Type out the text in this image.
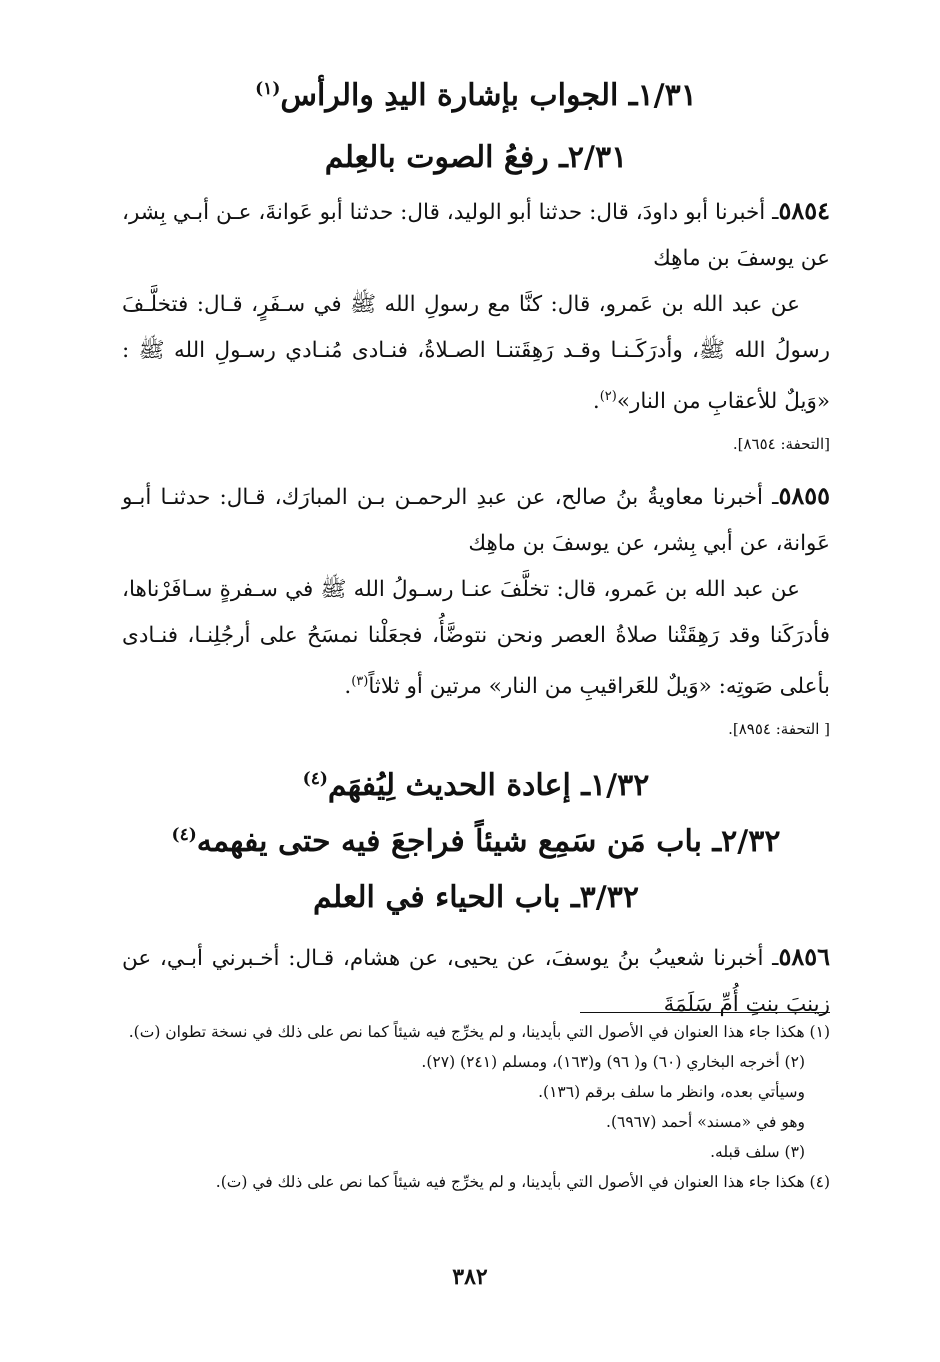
١/٣١ـ الجواب بإشارة اليدِ والرأس$^{(١)}$
٢/٣١ـ رفعُ الصوت بالعِلم

٥٨٥٤ـ أخبرنا أبو داودَ، قال: حدثنا أبو الوليد، قال: حدثنا أبو عَوانةَ، عـن أبـي بِشر، عن يوسفَ بن ماهِك

عن عبد الله بن عَمرو، قال: كنَّا مع رسولِ الله ﷺ في سـفَرٍ، قـال: فتخلَّـفَ رسولُ الله ﷺ، وأدرَكَـنـا وقـد رَهِقَتنـا الصـلاةُ، فنـادى مُنـادي رسـولِ الله ﷺ : «وَيلٌ للأعقابِ من النار»$^{(٢)}$.

[التحفة: ٨٦٥٤].

٥٨٥٥ـ أخبرنا معاويةُ بنُ صالح، عن عبدِ الرحمـن بـن المبارَك، قـال: حدثنـا أبـو عَوانة، عن أبي بِشر، عن يوسفَ بن ماهِك

عن عبد الله بن عَمرو، قال: تخلَّفَ عنـا رسـولُ الله ﷺ في سـفرةٍ سـافَرْناها، فأدرَكَنا وقد رَهِقَتْنا صلاةُ العصر ونحن نتوضَّأُ، فجعَلْنا نمسَحُ على أرجُلِنـا، فنـادى بأعلى صَوتِه: «وَيلٌ للعَراقيبِ من النار» مرتين أو ثلاثاً$^{(٣)}$.

[ التحفة: ٨٩٥٤].

١/٣٢ـ إعادة الحديث لِيُفهَم$^{(٤)}$
٢/٣٢ـ باب مَن سَمِع شيئاً فراجعَ فيه حتى يفهمه$^{(٤)}$
٣/٣٢ـ باب الحياء في العلم

٥٨٥٦ـ أخبرنا شعيبُ بنُ يوسفَ، عن يحيى، عن هشام، قـال: أخـبرني أبـي، عن زينبَ بنتِ أُمِّ سَلَمَةَ

(١) هكذا جاء هذا العنوان في الأصول التي بأيدينا، و لم يخرِّج فيه شيئاً كما نص على ذلك في نسخة تطوان (ت).

(٢) أخرجه البخاري (٦٠) و( ٩٦) و(١٦٣)، ومسلم (٢٤١) (٢٧).

وسيأتي بعده، وانظر ما سلف برقم (١٣٦).

وهو في «مسند» أحمد (٦٩٦٧).

(٣) سلف قبله.

(٤) هكذا جاء هذا العنوان في الأصول التي بأيدينا، و لم يخرِّج فيه شيئاً كما نص على ذلك في (ت).

٣٨٢
